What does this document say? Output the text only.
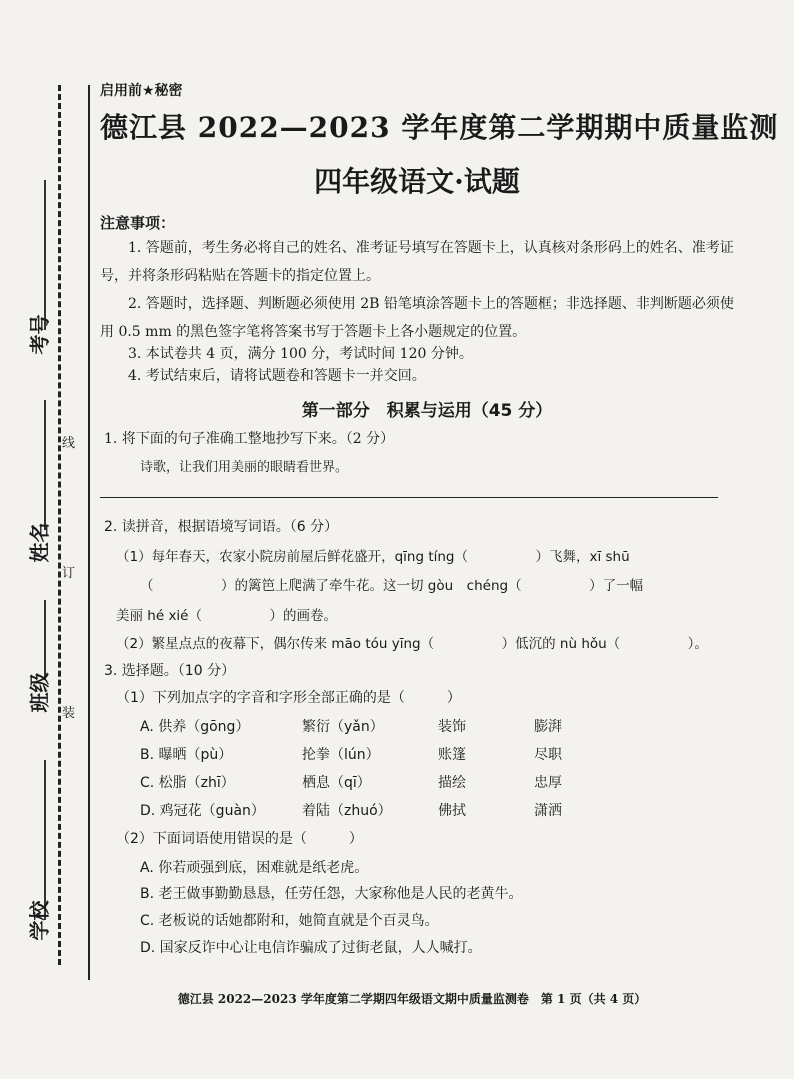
考号
姓名
班级
学校
线
订
装
启用前★秘密
德江县 2022—2023 学年度第二学期期中质量监测
四年级语文·试题
注意事项：
1. 答题前，考生务必将自己的姓名、准考证号填写在答题卡上，认真核对条形码上的姓名、准考证号，并将条形码粘贴在答题卡的指定位置上。
2. 答题时，选择题、判断题必须使用 2B 铅笔填涂答题卡上的答题框；非选择题、非判断题必须使用 0.5 mm 的黑色签字笔将答案书写于答题卡上各小题规定的位置。
3. 本试卷共 4 页，满分 100 分，考试时间 120 分钟。
4. 考试结束后，请将试题卷和答题卡一并交回。
第一部分　积累与运用（45 分）
1. 将下面的句子准确工整地抄写下来。（2 分）
诗歌，让我们用美丽的眼睛看世界。
2. 读拼音，根据语境写词语。（6 分）
（1）每年春天，农家小院房前屋后鲜花盛开，qīng tíng（　　　　　）飞舞，xī shū
（　　　　　）的篱笆上爬满了牵牛花。这一切 gòu　chéng（　　　　　）了一幅
美丽 hé xié（　　　　　）的画卷。
（2）繁星点点的夜幕下，偶尔传来 māo tóu yīng（　　　　　）低沉的 nù hǒu（　　　　　）。
3. 选择题。（10 分）
（1）下列加点字的字音和字形全部正确的是（　　　）
A. 供养（gōng）	繁衍（yǎn）	装饰	膨湃
B. 曝晒（pù）	抡拳（lún）	账篷	尽职
C. 松脂（zhī）	栖息（qī）	描绘	忠厚
D. 鸡冠花（guàn）	着陆（zhuó）	佛拭	潇洒
（2）下面词语使用错误的是（　　　）
A. 你若顽强到底，困难就是纸老虎。
B. 老王做事勤勤恳恳，任劳任怨，大家称他是人民的老黄牛。
C. 老板说的话她都附和，她简直就是个百灵鸟。
D. 国家反诈中心让电信诈骗成了过街老鼠，人人喊打。
德江县 2022—2023 学年度第二学期四年级语文期中质量监测卷　第 1 页（共 4 页）
